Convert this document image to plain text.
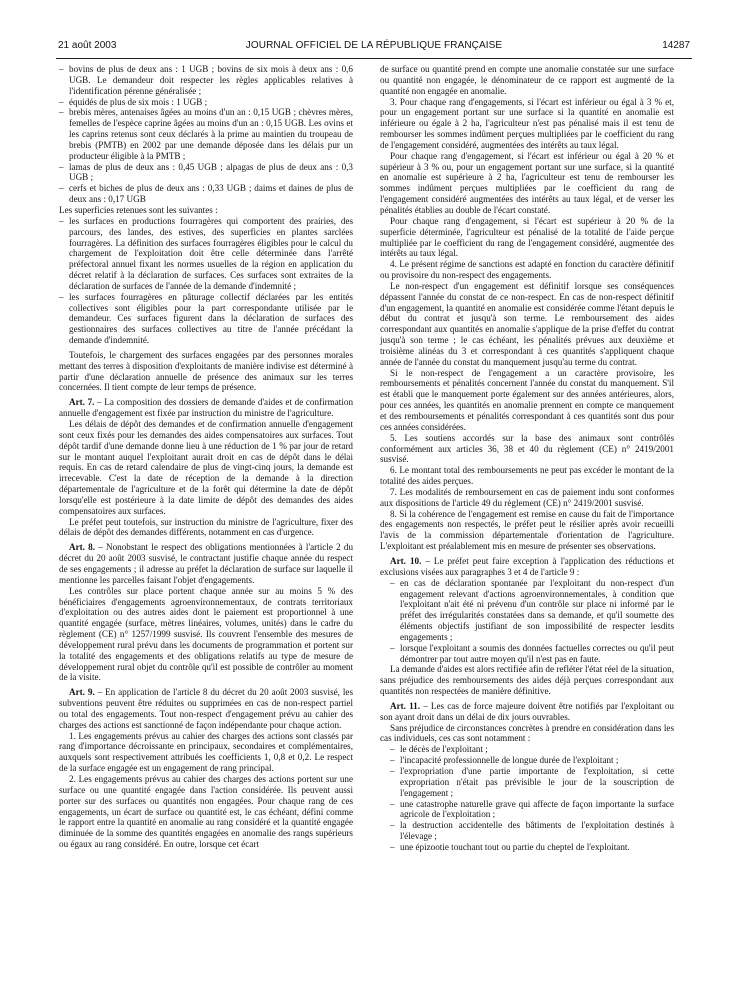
21 août 2003	JOURNAL OFFICIEL DE LA RÉPUBLIQUE FRANÇAISE	14287
– bovins de plus de deux ans : 1 UGB ; bovins de six mois à deux ans : 0,6 UGB. Le demandeur doit respecter les règles applicables relatives à l'identification pérenne généralisée ;
– équidés de plus de six mois : 1 UGB ;
– brebis mères, antenaises âgées au moins d'un an : 0,15 UGB ; chèvres mères, femelles de l'espèce caprine âgées au moins d'un an : 0,15 UGB. Les ovins et les caprins retenus sont ceux déclarés à la prime au maintien du troupeau de brebis (PMTB) en 2002 par une demande déposée dans les délais pur un producteur éligible à la PMTB ;
– lamas de plus de deux ans : 0,45 UGB ; alpagas de plus de deux ans : 0,3 UGB ;
– cerfs et biches de plus de deux ans : 0,33 UGB ; daims et daines de plus de deux ans : 0,17 UGB

Les superficies retenues sont les suivantes :

– les surfaces en productions fourragères qui comportent des prairies, des parcours, des landes, des estives, des superficies en plantes sarclées fourragères. La définition des surfaces fourragères éligibles pour le calcul du chargement de l'exploitation doit être celle déterminée dans l'arrêté préfectoral annuel fixant les normes usuelles de la région en application du décret relatif à la déclaration de surfaces. Ces surfaces sont extraites de la déclaration de surfaces de l'année de la demande d'indemnité ;
– les surfaces fourragères en pâturage collectif déclarées par les entités collectives sont éligibles pour la part correspondante utilisée par le demandeur. Ces surfaces figurent dans la déclaration de surfaces des gestionnaires des surfaces collectives au titre de l'année précédant la demande d'indemnité.

Toutefois, le chargement des surfaces engagées par des personnes morales mettant des terres à disposition d'exploitants de manière indivise est déterminé à partir d'une déclaration annuelle de présence des animaux sur les terres concernées. Il tient compte de leur temps de présence.

Art. 7. – La composition des dossiers de demande d'aides et de confirmation annuelle d'engagement est fixée par instruction du ministre de l'agriculture.

Les délais de dépôt des demandes et de confirmation annuelle d'engagement sont ceux fixés pour les demandes des aides compensatoires aux surfaces. Tout dépôt tardif d'une demande donne lieu à une réduction de 1 % par jour de retard sur le montant auquel l'exploitant aurait droit en cas de dépôt dans le délai requis. En cas de retard calendaire de plus de vingt-cinq jours, la demande est irrecevable. C'est la date de réception de la demande à la direction départementale de l'agriculture et de la forêt qui détermine la date de dépôt lorsqu'elle est postérieure à la date limite de dépôt des demandes des aides compensatoires aux surfaces.

Le préfet peut toutefois, sur instruction du ministre de l'agriculture, fixer des délais de dépôt des demandes différents, notamment en cas d'urgence.

Art. 8. – Nonobstant le respect des obligations mentionnées à l'article 2 du décret du 20 août 2003 susvisé, le contractant justifie chaque année du respect de ses engagements ; il adresse au préfet la déclaration de surface sur laquelle il mentionne les parcelles faisant l'objet d'engagements.

Les contrôles sur place portent chaque année sur au moins 5 % des bénéficiaires d'engagements agroenvironnementaux, de contrats territoriaux d'exploitation ou des autres aides dont le paiement est proportionnel à une quantité engagée (surface, mètres linéaires, volumes, unités) dans le cadre du règlement (CE) n° 1257/1999 susvisé. Ils couvrent l'ensemble des mesures de développement rural prévu dans les documents de programmation et portent sur la totalité des engagements et des obligations relatifs au type de mesure de développement rural objet du contrôle qu'il est possible de contrôler au moment de la visite.

Art. 9. – En application de l'article 8 du décret du 20 août 2003 susvisé, les subventions peuvent être réduites ou supprimées en cas de non-respect partiel ou total des engagements. Tout non-respect d'engagement prévu au cahier des charges des actions est sanctionné de façon indépendante pour chaque action.

1. Les engagements prévus au cahier des charges des actions sont classés par rang d'importance décroissante en principaux, secondaires et complémentaires, auxquels sont respectivement attribués les coefficients 1, 0,8 et 0,2. Le respect de la surface engagée est un engagement de rang principal.

2. Les engagements prévus au cahier des charges des actions portent sur une surface ou une quantité engagée dans l'action considérée. Ils peuvent aussi porter sur des surfaces ou quantités non engagées. Pour chaque rang de ces engagements, un écart de surface ou quantité est, le cas échéant, défini comme le rapport entre la quantité en anomalie au rang considéré et la quantité engagée diminuée de la somme des quantités engagées en anomalie des rangs supérieurs ou égaux au rang considéré. En outre, lorsque cet écart

de surface ou quantité prend en compte une anomalie constatée sur une surface ou quantité non engagée, le dénominateur de ce rapport est augmenté de la quantité non engagée en anomalie.

3. Pour chaque rang d'engagements, si l'écart est inférieur ou égal à 3 % et, pour un engagement portant sur une surface si la quantité en anomalie est inférieure ou égale à 2 ha, l'agriculteur n'est pas pénalisé mais il est tenu de rembourser les sommes indûment perçues multipliées par le coefficient du rang de l'engagement considéré, augmentées des intérêts au taux légal.

Pour chaque rang d'engagement, si l'écart est inférieur ou égal à 20 % et supérieur à 3 % ou, pour un engagement portant sur une surface, si la quantité en anomalie est supérieure à 2 ha, l'agriculteur est tenu de rembourser les sommes indûment perçues multipliées par le coefficient du rang de l'engagement considéré augmentées des intérêts au taux légal, et de verser les pénalités établies au double de l'écart constaté.

Pour chaque rang d'engagement, si l'écart est supérieur à 20 % de la superficie déterminée, l'agriculteur est pénalisé de la totalité de l'aide perçue multipliée par le coefficient du rang de l'engagement considéré, augmentée des intérêts au taux légal.

4. Le présent régime de sanctions est adapté en fonction du caractère définitif ou provisoire du non-respect des engagements.

Le non-respect d'un engagement est définitif lorsque ses conséquences dépassent l'année du constat de ce non-respect. En cas de non-respect définitif d'un engagement, la quantité en anomalie est considérée comme l'étant depuis le début du contrat et jusqu'à son terme. Le remboursement des aides correspondant aux quantités en anomalie s'applique de la prise d'effet du contrat jusqu'à son terme ; le cas échéant, les pénalités prévues aux deuxième et troisième alinéas du 3 et correspondant à ces quantités s'appliquent chaque année de l'année du constat du manquement jusqu'au terme du contrat.

Si le non-respect de l'engagement a un caractère provisoire, les remboursements et pénalités concernent l'année du constat du manquement. S'il est établi que le manquement porte également sur des années antérieures, alors, pour ces années, les quantités en anomalie prennent en compte ce manquement et des remboursements et pénalités correspondant à ces quantités sont dus pour ces années considérées.

5. Les soutiens accordés sur la base des animaux sont contrôlés conformément aux articles 36, 38 et 40 du règlement (CE) n° 2419/2001 susvisé.

6. Le montant total des remboursements ne peut pas excéder le montant de la totalité des aides perçues.

7. Les modalités de remboursement en cas de paiement indu sont conformes aux dispositions de l'article 49 du règlement (CE) n° 2419/2001 susvisé.

8. Si la cohérence de l'engagement est remise en cause du fait de l'importance des engagements non respectés, le préfet peut le résilier après avoir recueilli l'avis de la commission départementale d'orientation de l'agriculture. L'exploitant est préalablement mis en mesure de présenter ses observations.

Art. 10. – Le préfet peut faire exception à l'application des réductions et exclusions visées aux paragraphes 3 et 4 de l'article 9 :

– en cas de déclaration spontanée par l'exploitant du non-respect d'un engagement relevant d'actions agroenvironnementales, à condition que l'exploitant n'ait été ni prévenu d'un contrôle sur place ni informé par le préfet des irrégularités constatées dans sa demande, et qu'il soumette des éléments objectifs justifiant de son impossibilité de respecter lesdits engagements ;
– lorsque l'exploitant a soumis des données factuelles correctes ou qu'il peut démontrer par tout autre moyen qu'il n'est pas en faute.

La demande d'aides est alors rectifiée afin de refléter l'état réel de la situation, sans préjudice des remboursements des aides déjà perçues correspondant aux quantités non respectées de manière définitive.

Art. 11. – Les cas de force majeure doivent être notifiés par l'exploitant ou son ayant droit dans un délai de dix jours ouvrables.

Sans préjudice de circonstances concrètes à prendre en considération dans les cas individuels, ces cas sont notamment :

– le décès de l'exploitant ;
– l'incapacité professionnelle de longue durée de l'exploitant ;
– l'expropriation d'une partie importante de l'exploitation, si cette expropriation n'était pas prévisible le jour de la souscription de l'engagement ;
– une catastrophe naturelle grave qui affecte de façon importante la surface agricole de l'exploitation ;
– la destruction accidentelle des bâtiments de l'exploitation destinés à l'élevage ;
– une épizootie touchant tout ou partie du cheptel de l'exploitant.
